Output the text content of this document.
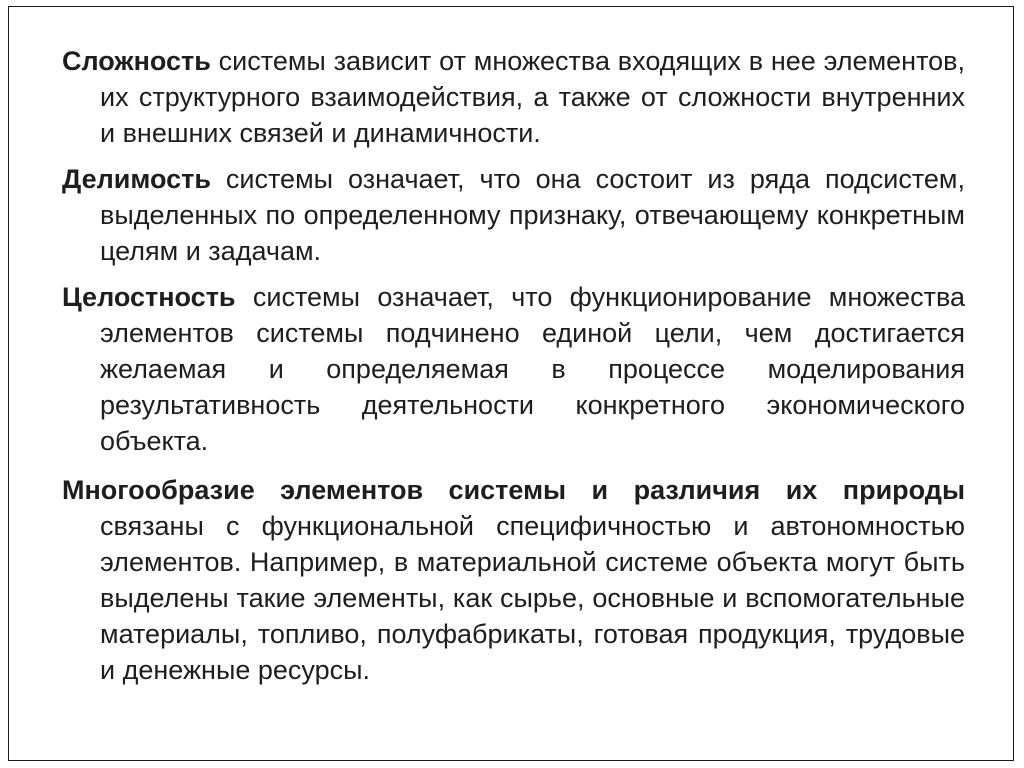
Сложность системы зависит от множества входящих в нее элементов, их структурного взаимодействия, а также от сложности внутренних и внешних связей и динамичности.

Делимость системы означает, что она состоит из ряда подсистем, выделенных по определенному признаку, отвечающему конкретным целям и задачам.

Целостность системы означает, что функционирование множества элементов системы подчинено единой цели, чем достигается желаемая и определяемая в процессе моделирования результативность деятельности конкретного экономического объекта.

Многообразие элементов системы и различия их природы связаны с функциональной специфичностью и автономностью элементов. Например, в материальной системе объекта могут быть выделены такие элементы, как сырье, основные и вспомогательные материалы, топливо, полуфабрикаты, готовая продукция, трудовые и денежные ресурсы.
